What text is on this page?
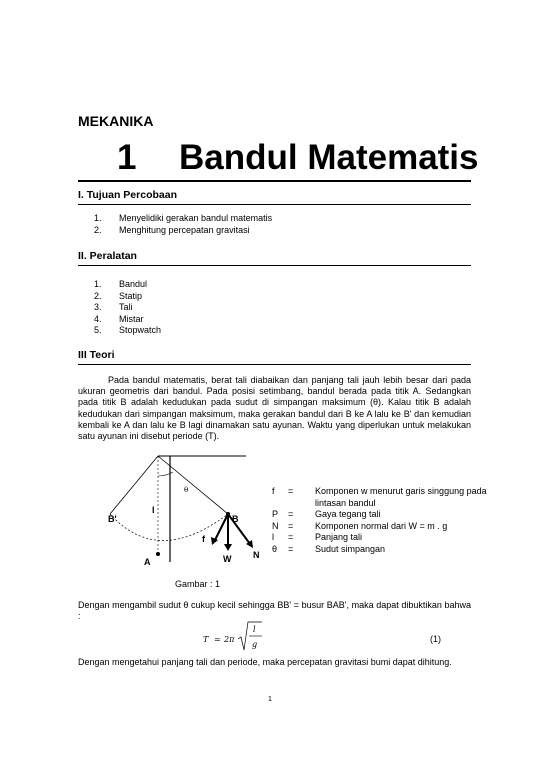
MEKANIKA
1 Bandul Matematis
I. Tujuan Percobaan
1.	Menyelidiki gerakan bandul matematis
2.	Menghitung percepatan gravitasi
II. Peralatan
1.	Bandul
2.	Statip
3.	Tali
4.	Mistar
5.	Stopwatch
III Teori
Pada bandul matematis, berat tali diabaikan dan panjang tali jauh lebih besar dari pada ukuran geometris dari bandul. Pada posisi setimbang, bandul berada pada titik A. Sedangkan pada titik B adalah kedudukan pada sudut di simpangan maksimum (θ). Kalau titik B adalah kedudukan dari simpangan maksimum, maka gerakan bandul dari B ke A lalu ke B' dan kemudian kembali ke A dan lalu ke B lagi dinamakan satu ayunan. Waktu yang diperlukan untuk melakukan satu ayunan ini disebut periode (T).
θ
l
B'	B
f
W N
A
f	=	Komponen w menurut garis singgung pada lintasan bandul
P	=	Gaya tegang tali
N	=	Komponen normal dari W = m . g
l	=	Panjang tali
θ	=	Sudut simpangan
Gambar : 1
Dengan mengambil sudut θ cukup kecil sehingga BB' = busur BAB', maka dapat dibuktikan bahwa :
T = 2π
l
g
(1)
Dengan mengetahui panjang tali dan periode, maka percepatan gravitasi bumi dapat dihitung.
1
